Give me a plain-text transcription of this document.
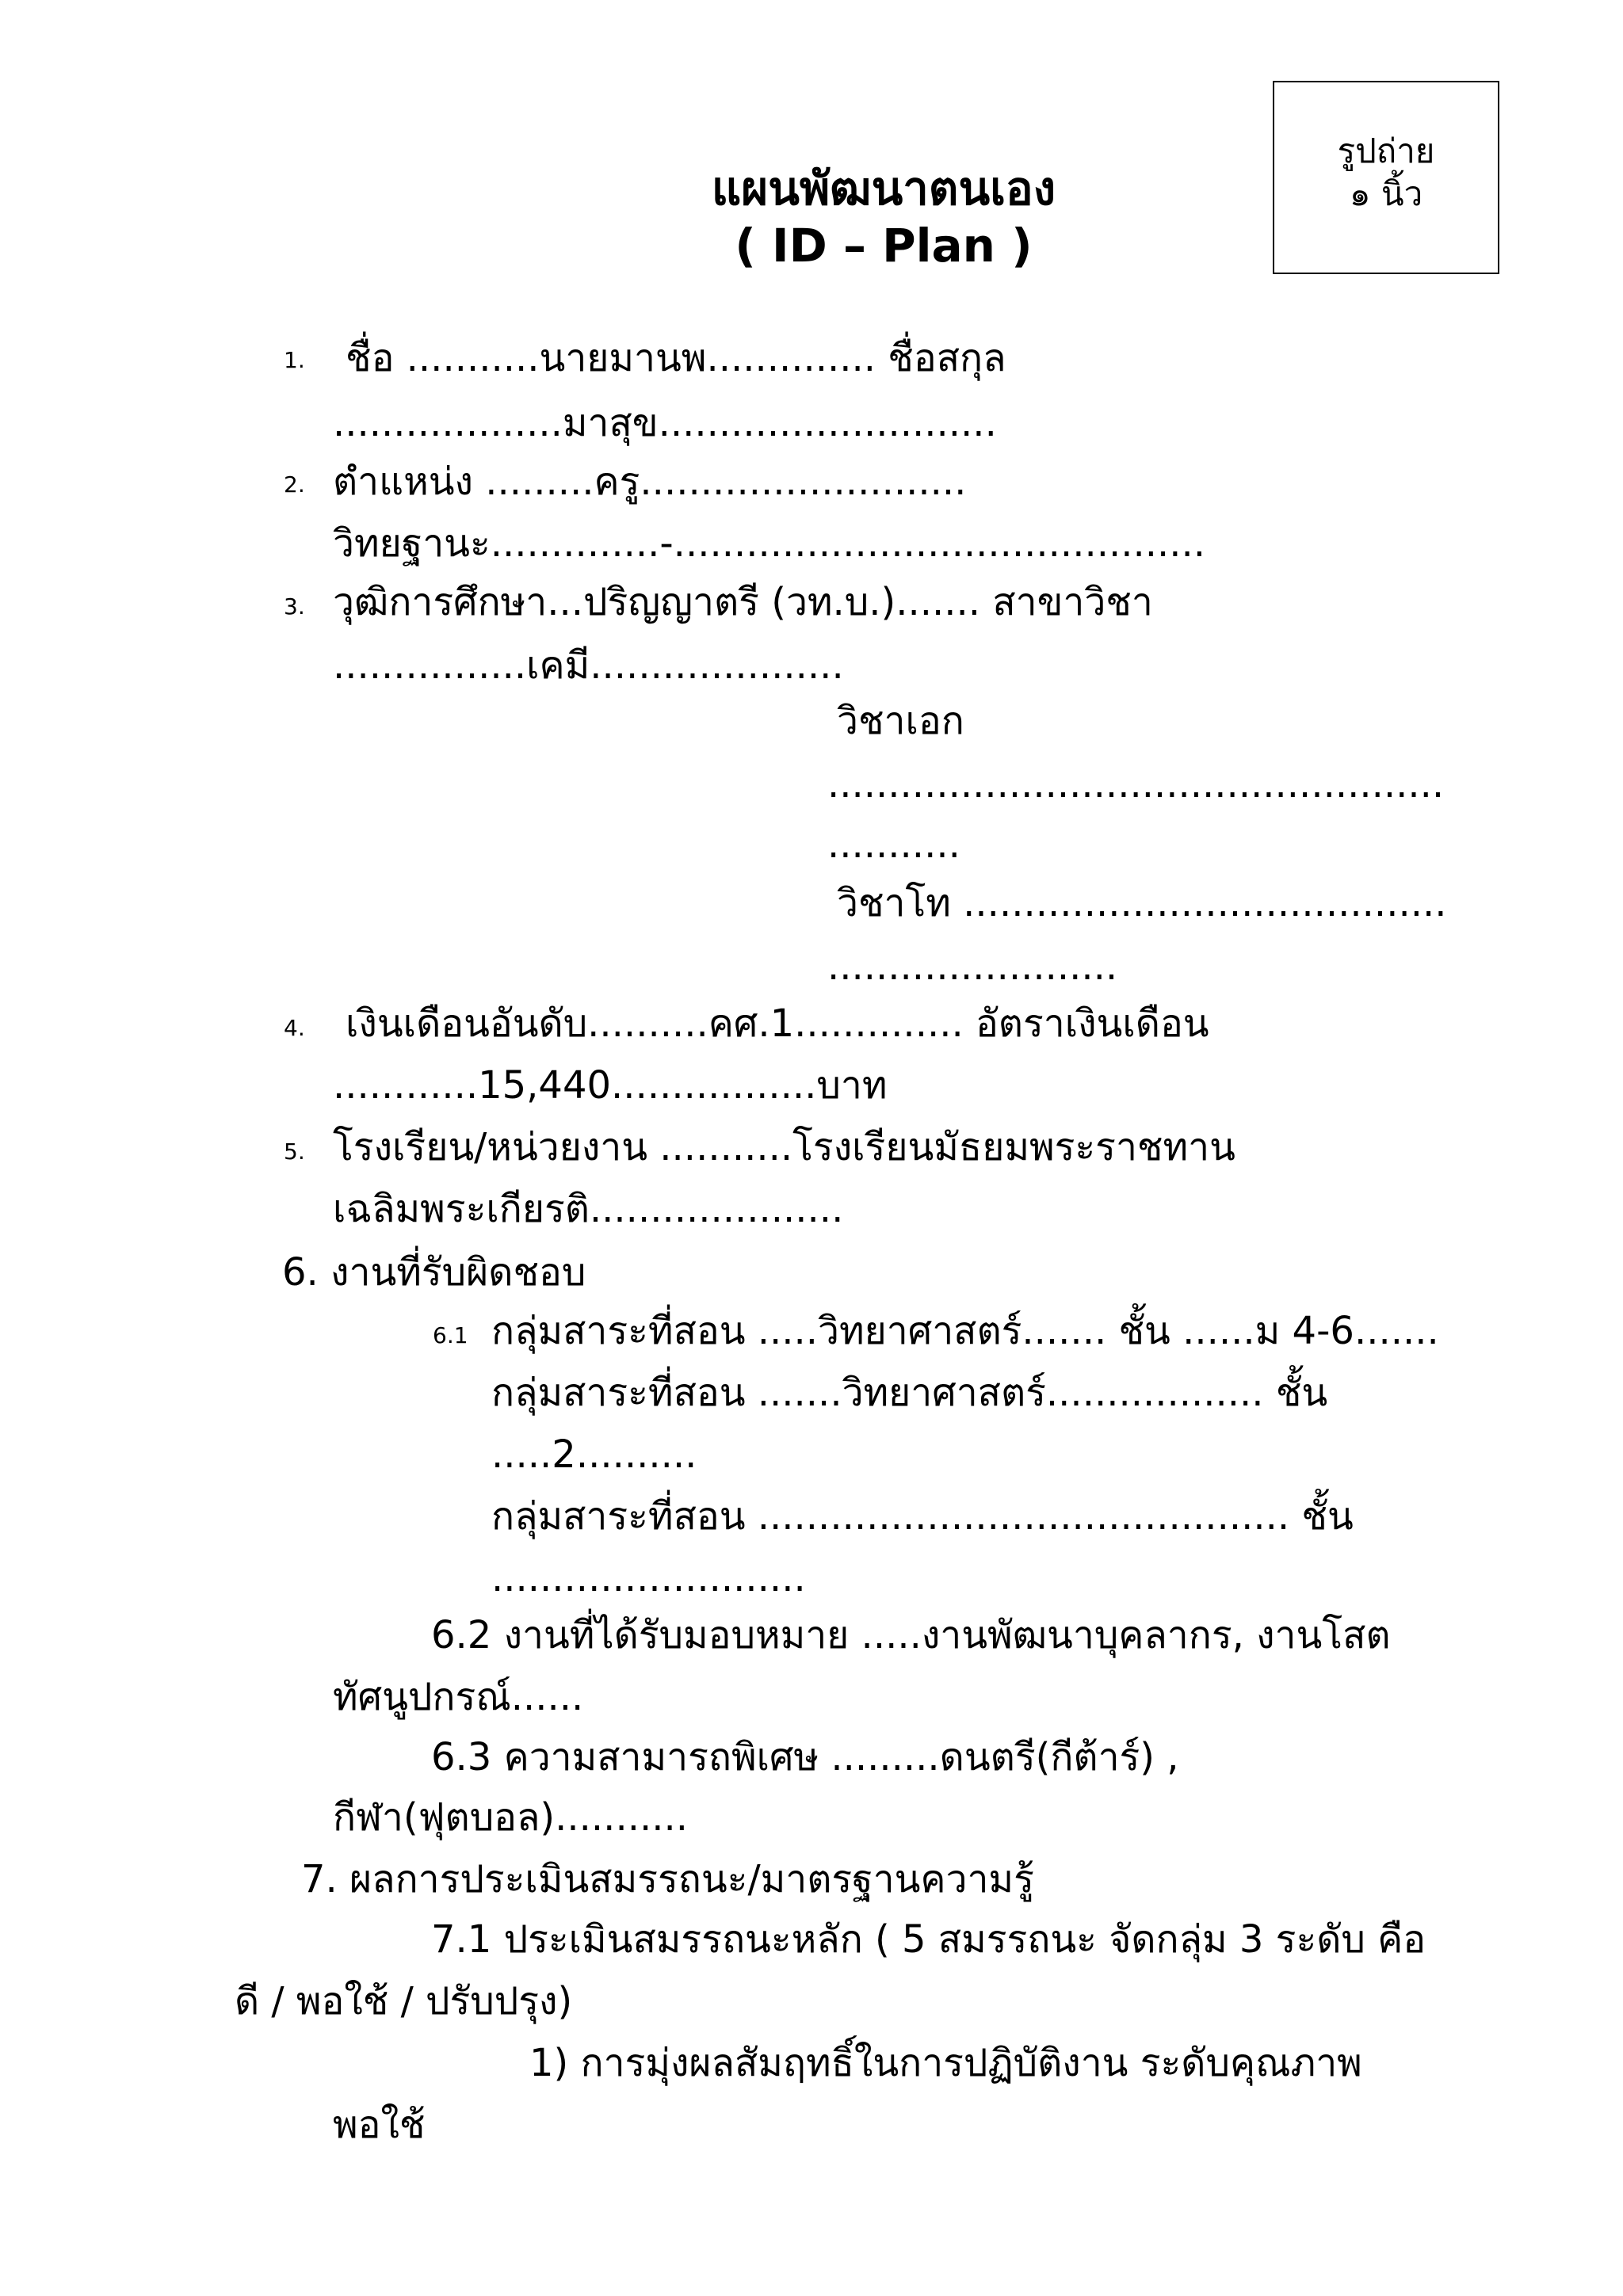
รูปถ่าย
๑ นิ้ว
แผนพัฒนาตนเอง
( ID – Plan )
1. ชื่อ ...........นายมานพ.............. ชื่อสกุล
...................มาสุข............................
2. ตำแหน่ง .........ครู...........................
วิทยฐานะ..............-............................................
3. วุฒิการศึกษา...ปริญญาตรี (วท.บ.)....... สาขาวิชา
................เคมี.....................
วิชาเอก
...................................................
...........
วิชาโท ........................................
........................
4. เงินเดือนอันดับ..........คศ.1.............. อัตราเงินเดือน
............15,440.................บาท
5. โรงเรียน/หน่วยงาน ...........โรงเรียนมัธยมพระราชทาน
เฉลิมพระเกียรติ.....................
6. งานที่รับผิดชอบ
6.1 กลุ่มสาระที่สอน .....วิทยาศาสตร์....... ชั้น ......ม 4-6.......
กลุ่มสาระที่สอน .......วิทยาศาสตร์.................. ชั้น
.....2..........
กลุ่มสาระที่สอน ............................................ ชั้น
..........................
6.2 งานที่ได้รับมอบหมาย .....งานพัฒนาบุคลากร, งานโสต
ทัศนูปกรณ์......
6.3 ความสามารถพิเศษ .........ดนตรี(กีต้าร์) ,
กีฬา(ฟุตบอล)...........
7. ผลการประเมินสมรรถนะ/มาตรฐานความรู้
7.1 ประเมินสมรรถนะหลัก ( 5 สมรรถนะ จัดกลุ่ม 3 ระดับ คือ
ดี / พอใช้ / ปรับปรุง)
1) การมุ่งผลสัมฤทธิ์ในการปฏิบัติงาน ระดับคุณภาพ
พอใช้
